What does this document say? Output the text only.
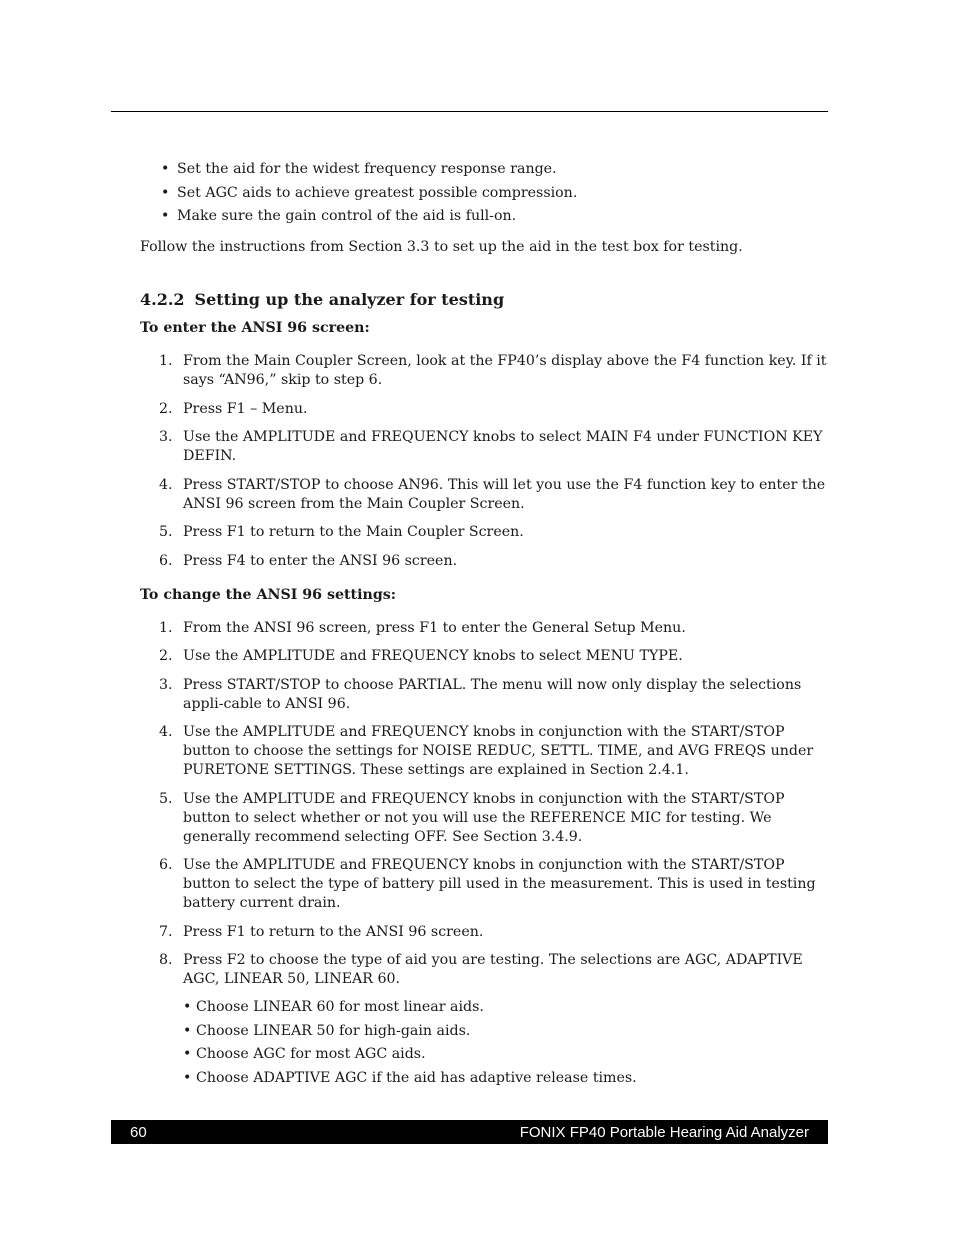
• Set the aid for the widest frequency response range.
• Set AGC aids to achieve greatest possible compression.
• Make sure the gain control of the aid is full-on.

Follow the instructions from Section 3.3 to set up the aid in the test box for testing.

4.2.2 Setting up the analyzer for testing
To enter the ANSI 96 screen:
1. From the Main Coupler Screen, look at the FP40’s display above the F4 function key. If it says “AN96,” skip to step 6.
2. Press F1 – Menu.
3. Use the AMPLITUDE and FREQUENCY knobs to select MAIN F4 under FUNCTION KEY DEFIN.
4. Press START/STOP to choose AN96. This will let you use the F4 function key to enter the ANSI 96 screen from the Main Coupler Screen.
5. Press F1 to return to the Main Coupler Screen.
6. Press F4 to enter the ANSI 96 screen.
To change the ANSI 96 settings:
1. From the ANSI 96 screen, press F1 to enter the General Setup Menu.
2. Use the AMPLITUDE and FREQUENCY knobs to select MENU TYPE.
3. Press START/STOP to choose PARTIAL. The menu will now only display the selections appli-cable to ANSI 96.
4. Use the AMPLITUDE and FREQUENCY knobs in conjunction with the START/STOP button to choose the settings for NOISE REDUC, SETTL. TIME, and AVG FREQS under PURETONE SETTINGS. These settings are explained in Section 2.4.1.
5. Use the AMPLITUDE and FREQUENCY knobs in conjunction with the START/STOP button to select whether or not you will use the REFERENCE MIC for testing. We generally recommend selecting OFF. See Section 3.4.9.
6. Use the AMPLITUDE and FREQUENCY knobs in conjunction with the START/STOP button to select the type of battery pill used in the measurement. This is used in testing battery current drain.
7. Press F1 to return to the ANSI 96 screen.
8. Press F2 to choose the type of aid you are testing. The selections are AGC, ADAPTIVE AGC, LINEAR 50, LINEAR 60.
• Choose LINEAR 60 for most linear aids.
• Choose LINEAR 50 for high-gain aids.
• Choose AGC for most AGC aids.
• Choose ADAPTIVE AGC if the aid has adaptive release times.
60	FONIX FP40 Portable Hearing Aid Analyzer
